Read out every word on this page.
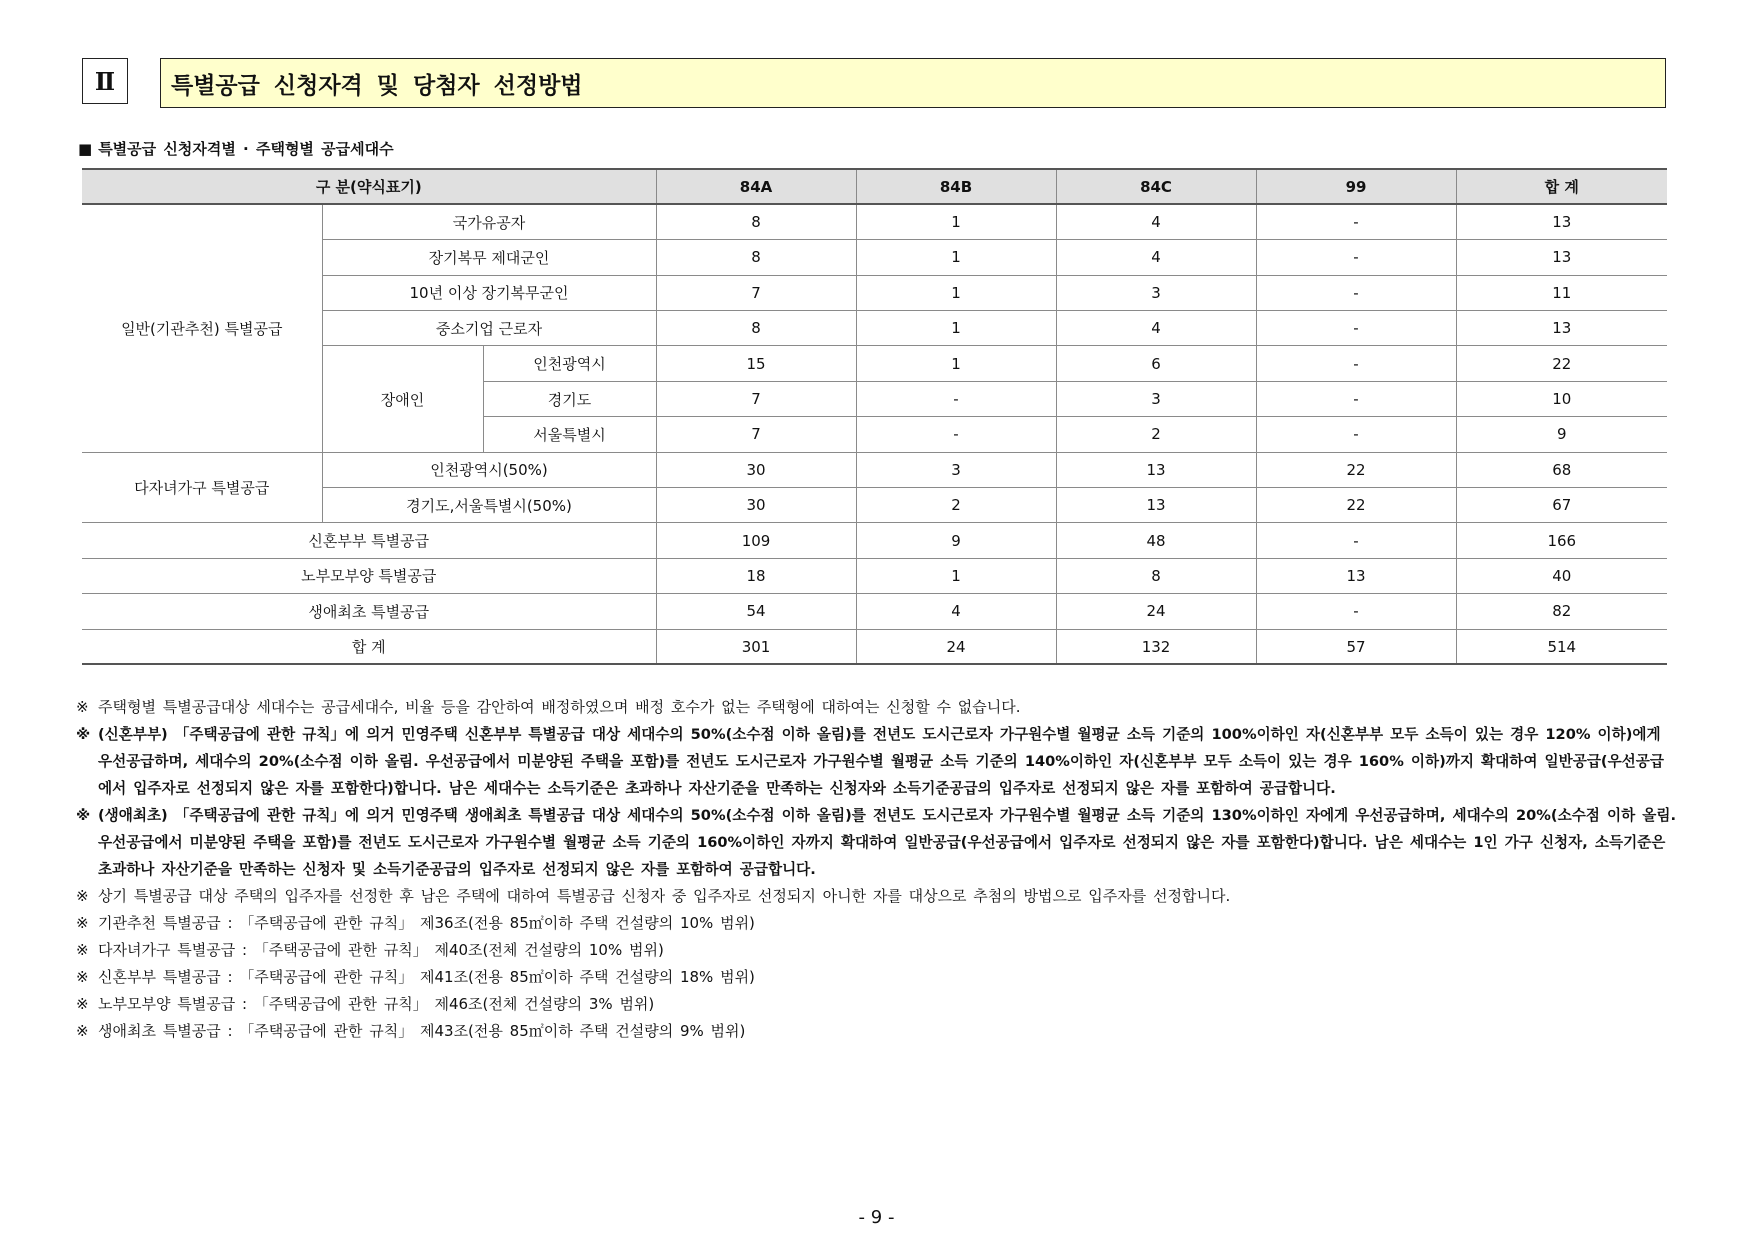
Ⅱ	특별공급 신청자격 및 당첨자 선정방법
■ 특별공급 신청자격별 · 주택형별 공급세대수
구 분(약식표기)			84A	84B	84C	99	합 계
일반(기관추천) 특별공급	국가유공자		8	1	4	-	13
	장기복무 제대군인		8	1	4	-	13
	10년 이상 장기복무군인		7	1	3	-	11
	중소기업 근로자		8	1	4	-	13
	장애인	인천광역시	15	1	6	-	22
		경기도	7	-	3	-	10
		서울특별시	7	-	2	-	9
다자녀가구 특별공급	인천광역시(50%)		30	3	13	22	68
	경기도,서울특별시(50%)		30	2	13	22	67
신혼부부 특별공급			109	9	48	-	166
노부모부양 특별공급			18	1	8	13	40
생애최초 특별공급			54	4	24	-	82
합 계			301	24	132	57	514
※ 주택형별 특별공급대상 세대수는 공급세대수, 비율 등을 감안하여 배정하였으며 배정 호수가 없는 주택형에 대하여는 신청할 수 없습니다.
※ (신혼부부) 「주택공급에 관한 규칙」에 의거 민영주택 신혼부부 특별공급 대상 세대수의 50%(소수점 이하 올림)를 전년도 도시근로자 가구원수별 월평균 소득 기준의 100%이하인 자(신혼부부 모두 소득이 있는 경우 120% 이하)에게 우선공급하며, 세대수의 20%(소수점 이하 올림. 우선공급에서 미분양된 주택을 포함)를 전년도 도시근로자 가구원수별 월평균 소득 기준의 140%이하인 자(신혼부부 모두 소득이 있는 경우 160% 이하)까지 확대하여 일반공급(우선공급에서 입주자로 선정되지 않은 자를 포함한다)합니다. 남은 세대수는 소득기준은 초과하나 자산기준을 만족하는 신청자와 소득기준공급의 입주자로 선정되지 않은 자를 포함하여 공급합니다.
※ (생애최초) 「주택공급에 관한 규칙」에 의거 민영주택 생애최초 특별공급 대상 세대수의 50%(소수점 이하 올림)를 전년도 도시근로자 가구원수별 월평균 소득 기준의 130%이하인 자에게 우선공급하며, 세대수의 20%(소수점 이하 올림. 우선공급에서 미분양된 주택을 포함)를 전년도 도시근로자 가구원수별 월평균 소득 기준의 160%이하인 자까지 확대하여 일반공급(우선공급에서 입주자로 선정되지 않은 자를 포함한다)합니다. 남은 세대수는 1인 가구 신청자, 소득기준은 초과하나 자산기준을 만족하는 신청자 및 소득기준공급의 입주자로 선정되지 않은 자를 포함하여 공급합니다.
※ 상기 특별공급 대상 주택의 입주자를 선정한 후 남은 주택에 대하여 특별공급 신청자 중 입주자로 선정되지 아니한 자를 대상으로 추첨의 방법으로 입주자를 선정합니다.
※ 기관추천 특별공급 : 「주택공급에 관한 규칙」 제36조(전용 85㎡이하 주택 건설량의 10% 범위)
※ 다자녀가구 특별공급 : 「주택공급에 관한 규칙」 제40조(전체 건설량의 10% 범위)
※ 신혼부부 특별공급 : 「주택공급에 관한 규칙」 제41조(전용 85㎡이하 주택 건설량의 18% 범위)
※ 노부모부양 특별공급 : 「주택공급에 관한 규칙」 제46조(전체 건설량의 3% 범위)
※ 생애최초 특별공급 : 「주택공급에 관한 규칙」 제43조(전용 85㎡이하 주택 건설량의 9% 범위)
- 9 -
